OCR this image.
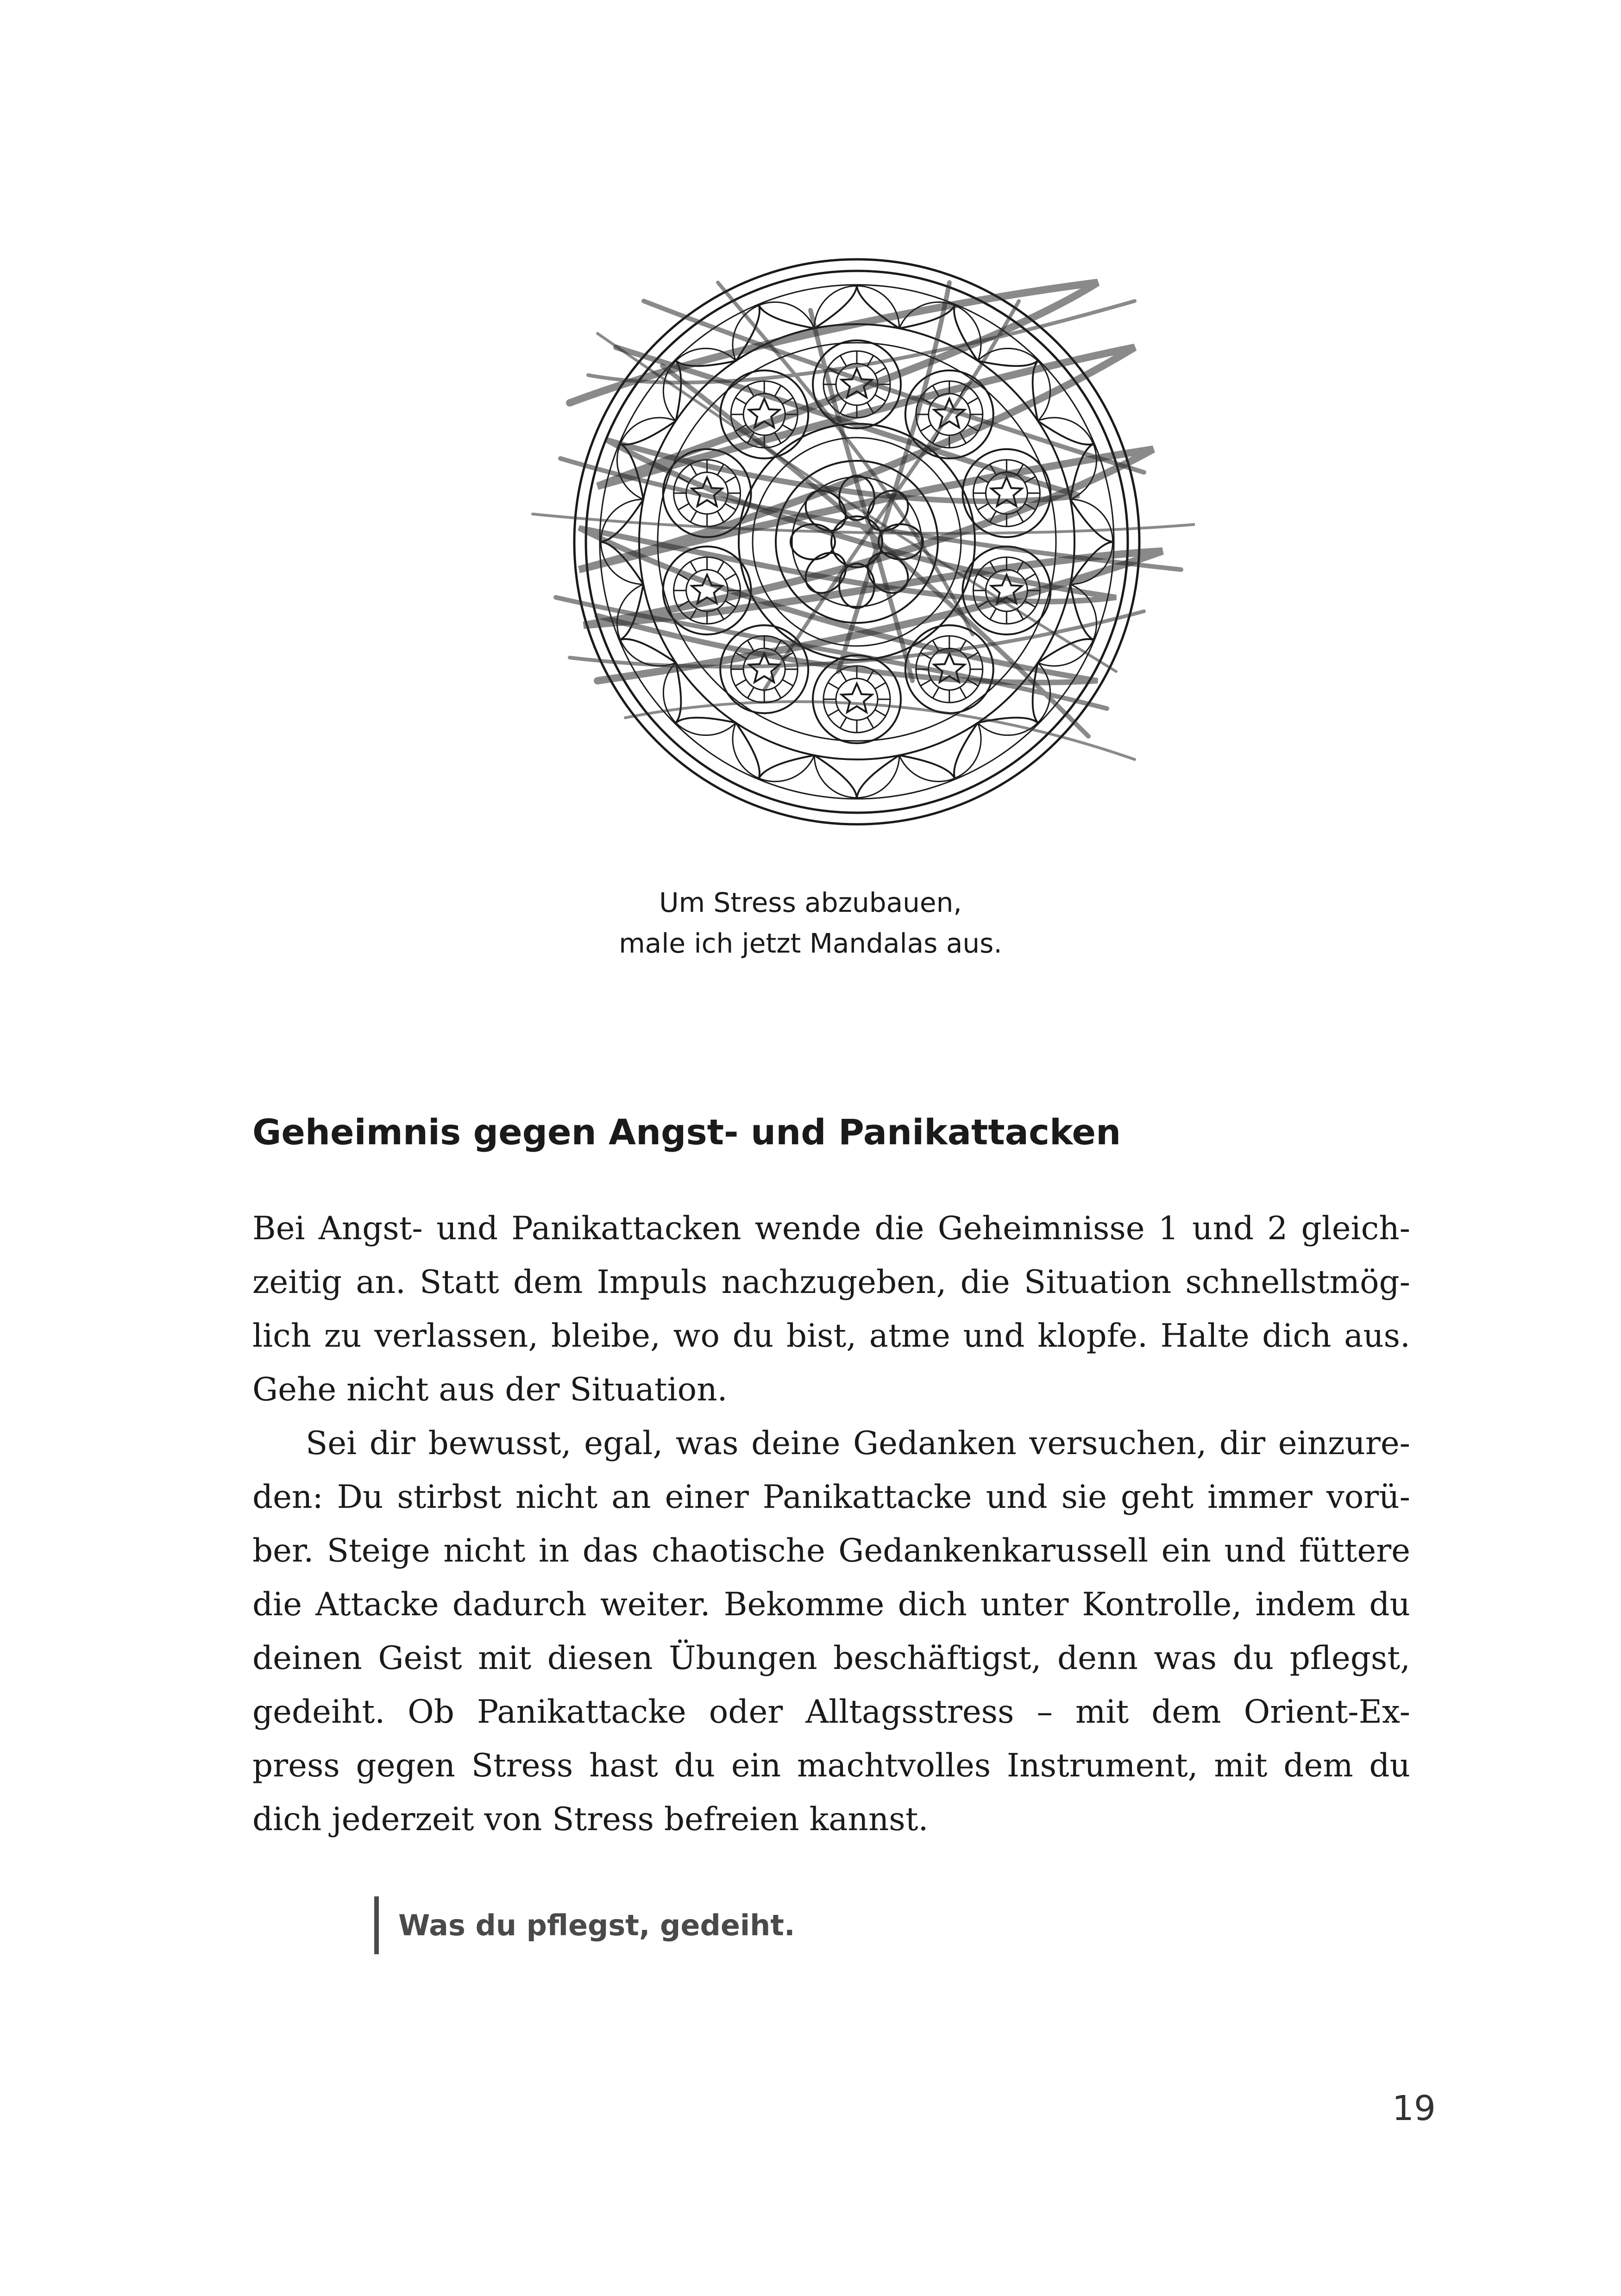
Um Stress abzubauen,
male ich jetzt Mandalas aus.
Geheimnis gegen Angst- und Panikattacken
Bei Angst- und Panikattacken wende die Geheimnisse 1 und 2 gleich-
zeitig an. Statt dem Impuls nachzugeben, die Situation schnellstmög-
lich zu verlassen, bleibe, wo du bist, atme und klopfe. Halte dich aus.
Gehe nicht aus der Situation.
Sei dir bewusst, egal, was deine Gedanken versuchen, dir einzure-
den: Du stirbst nicht an einer Panikattacke und sie geht immer vorü-
ber. Steige nicht in das chaotische Gedankenkarussell ein und füttere
die Attacke dadurch weiter. Bekomme dich unter Kontrolle, indem du
deinen Geist mit diesen Übungen beschäftigst, denn was du pflegst,
gedeiht. Ob Panikattacke oder Alltagsstress – mit dem Orient-Ex-
press gegen Stress hast du ein machtvolles Instrument, mit dem du
dich jederzeit von Stress befreien kannst.
Was du pflegst, gedeiht.
19
